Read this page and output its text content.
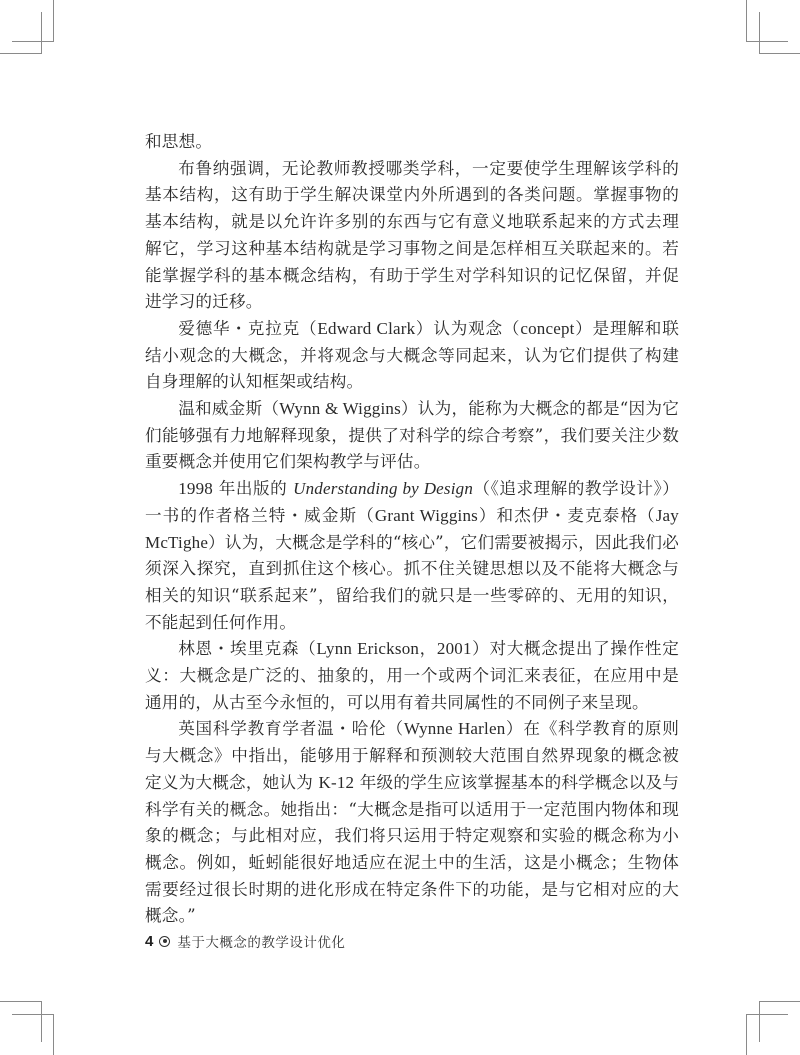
和思想。

布鲁纳强调，无论教师教授哪类学科，一定要使学生理解该学科的基本结构，这有助于学生解决课堂内外所遇到的各类问题。掌握事物的基本结构，就是以允许许多别的东西与它有意义地联系起来的方式去理解它，学习这种基本结构就是学习事物之间是怎样相互关联起来的。若能掌握学科的基本概念结构，有助于学生对学科知识的记忆保留，并促进学习的迁移。

爱德华・克拉克（Edward Clark）认为观念（concept）是理解和联结小观念的大概念，并将观念与大概念等同起来，认为它们提供了构建自身理解的认知框架或结构。

温和威金斯（Wynn & Wiggins）认为，能称为大概念的都是“因为它们能够强有力地解释现象，提供了对科学的综合考察”，我们要关注少数重要概念并使用它们架构教学与评估。

1998 年出版的 Understanding by Design（《追求理解的教学设计》）一书的作者格兰特・威金斯（Grant Wiggins）和杰伊・麦克泰格（Jay McTighe）认为，大概念是学科的“核心”，它们需要被揭示，因此我们必须深入探究，直到抓住这个核心。抓不住关键思想以及不能将大概念与相关的知识“联系起来”，留给我们的就只是一些零碎的、无用的知识，不能起到任何作用。

林恩・埃里克森（Lynn Erickson，2001）对大概念提出了操作性定义：大概念是广泛的、抽象的，用一个或两个词汇来表征，在应用中是通用的，从古至今永恒的，可以用有着共同属性的不同例子来呈现。

英国科学教育学者温・哈伦（Wynne Harlen）在《科学教育的原则与大概念》中指出，能够用于解释和预测较大范围自然界现象的概念被定义为大概念，她认为 K-12 年级的学生应该掌握基本的科学概念以及与科学有关的概念。她指出：“大概念是指可以适用于一定范围内物体和现象的概念；与此相对应，我们将只运用于特定观察和实验的概念称为小概念。例如，蚯蚓能很好地适应在泥土中的生活，这是小概念；生物体需要经过很长时期的进化形成在特定条件下的功能，是与它相对应的大概念。”

4 基于大概念的教学设计优化
